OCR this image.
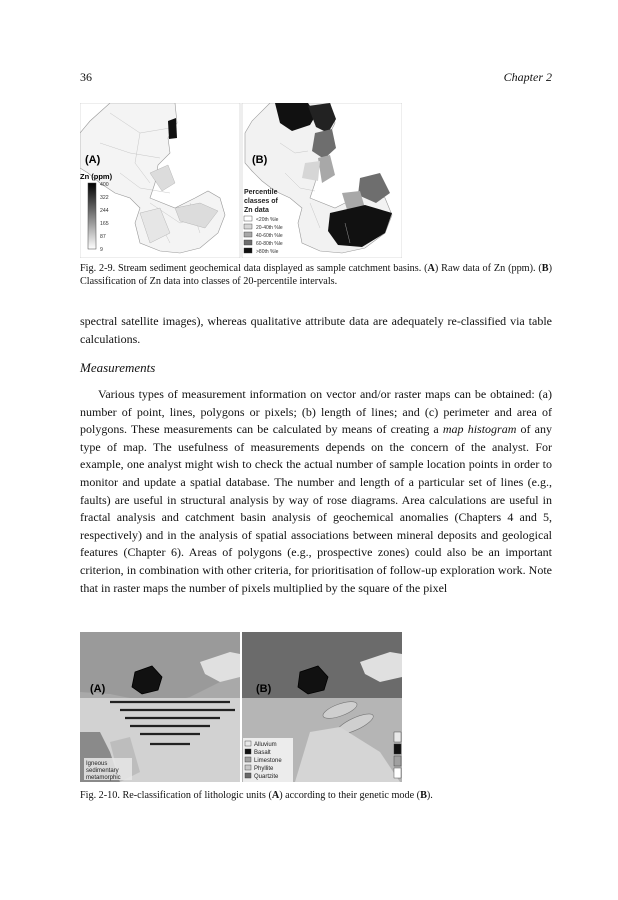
36	Chapter 2
(A)
Zn (ppm)
400
322
244
165
87
9
(B)
Percentile
classes of
Zn data
<20th %le
20-40th %le
40-60th %le
60-80th %le
>80th %le
Fig. 2-9. Stream sediment geochemical data displayed as sample catchment basins. (A) Raw data of Zn (ppm). (B) Classification of Zn data into classes of 20-percentile intervals.
spectral satellite images), whereas qualitative attribute data are adequately re-classified via table calculations.
Measurements
Various types of measurement information on vector and/or raster maps can be obtained: (a) number of point, lines, polygons or pixels; (b) length of lines; and (c) perimeter and area of polygons. These measurements can be calculated by means of creating a map histogram of any type of map. The usefulness of measurements depends on the concern of the analyst. For example, one analyst might wish to check the actual number of sample location points in order to monitor and update a spatial database. The number and length of a particular set of lines (e.g., faults) are useful in structural analysis by way of rose diagrams. Area calculations are useful in fractal analysis and catchment basin analysis of geochemical anomalies (Chapters 4 and 5, respectively) and in the analysis of spatial associations between mineral deposits and geological features (Chapter 6). Areas of polygons (e.g., prospective zones) could also be an important criterion, in combination with other criteria, for prioritisation of follow-up exploration work. Note that in raster maps the number of pixels multiplied by the square of the pixel
(A)
Igneous
sedimentary
metamorphic
(B)
Alluvium
Basalt
Limestone
Phyllite
Quartzite
Fig. 2-10. Re-classification of lithologic units (A) according to their genetic mode (B).
